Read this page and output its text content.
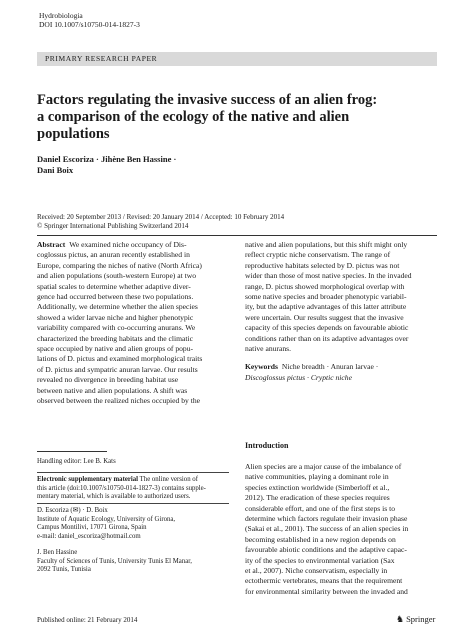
Hydrobiologia
DOI 10.1007/s10750-014-1827-3
PRIMARY RESEARCH PAPER
Factors regulating the invasive success of an alien frog:
a comparison of the ecology of the native and alien
populations
Daniel Escoriza · Jihène Ben Hassine ·
Dani Boix
Received: 20 September 2013 / Revised: 20 January 2014 / Accepted: 10 February 2014
© Springer International Publishing Switzerland 2014
Abstract We examined niche occupancy of Dis-
coglossus pictus, an anuran recently established in
Europe, comparing the niches of native (North Africa)
and alien populations (south-western Europe) at two
spatial scales to determine whether adaptive diver-
gence had occurred between these two populations.
Additionally, we determine whether the alien species
showed a wider larvae niche and higher phenotypic
variability compared with co-occurring anurans. We
characterized the breeding habitats and the climatic
space occupied by native and alien groups of popu-
lations of D. pictus and examined morphological traits
of D. pictus and sympatric anuran larvae. Our results
revealed no divergence in breeding habitat use
between native and alien populations. A shift was
observed between the realized niches occupied by the
Handling editor: Lee B. Kats

Electronic supplementary material The online version of

this article (doi:10.1007/s10750-014-1827-3) contains supple-

mentary material, which is available to authorized users.

D. Escoriza (✉) · D. Boix

Institute of Aquatic Ecology, University of Girona,

Campus Montilivi, 17071 Girona, Spain

e-mail: daniel_escoriza@hotmail.com

J. Ben Hassine

Faculty of Sciences of Tunis, University Tunis El Manar,

2092 Tunis, Tunisia

native and alien populations, but this shift might only
reflect cryptic niche conservatism. The range of
reproductive habitats selected by D. pictus was not
wider than those of most native species. In the invaded
range, D. pictus showed morphological overlap with
some native species and broader phenotypic variabil-
ity, but the adaptive advantages of this latter attribute
were uncertain. Our results suggest that the invasive
capacity of this species depends on favourable abiotic
conditions rather than on its adaptive advantages over
native anurans.
Keywords Niche breadth · Anuran larvae ·
Discoglossus pictus · Cryptic niche
Introduction
Alien species are a major cause of the imbalance of
native communities, playing a dominant role in
species extinction worldwide (Simberloff et al.,
2012). The eradication of these species requires
considerable effort, and one of the first steps is to
determine which factors regulate their invasion phase
(Sakai et al., 2001). The success of an alien species in
becoming established in a new region depends on
favourable abiotic conditions and the adaptive capac-
ity of the species to environmental variation (Sax
et al., 2007). Niche conservatism, especially in
ectothermic vertebrates, means that the requirement
for environmental similarity between the invaded and
Published online: 21 February 2014	♞ Springer
